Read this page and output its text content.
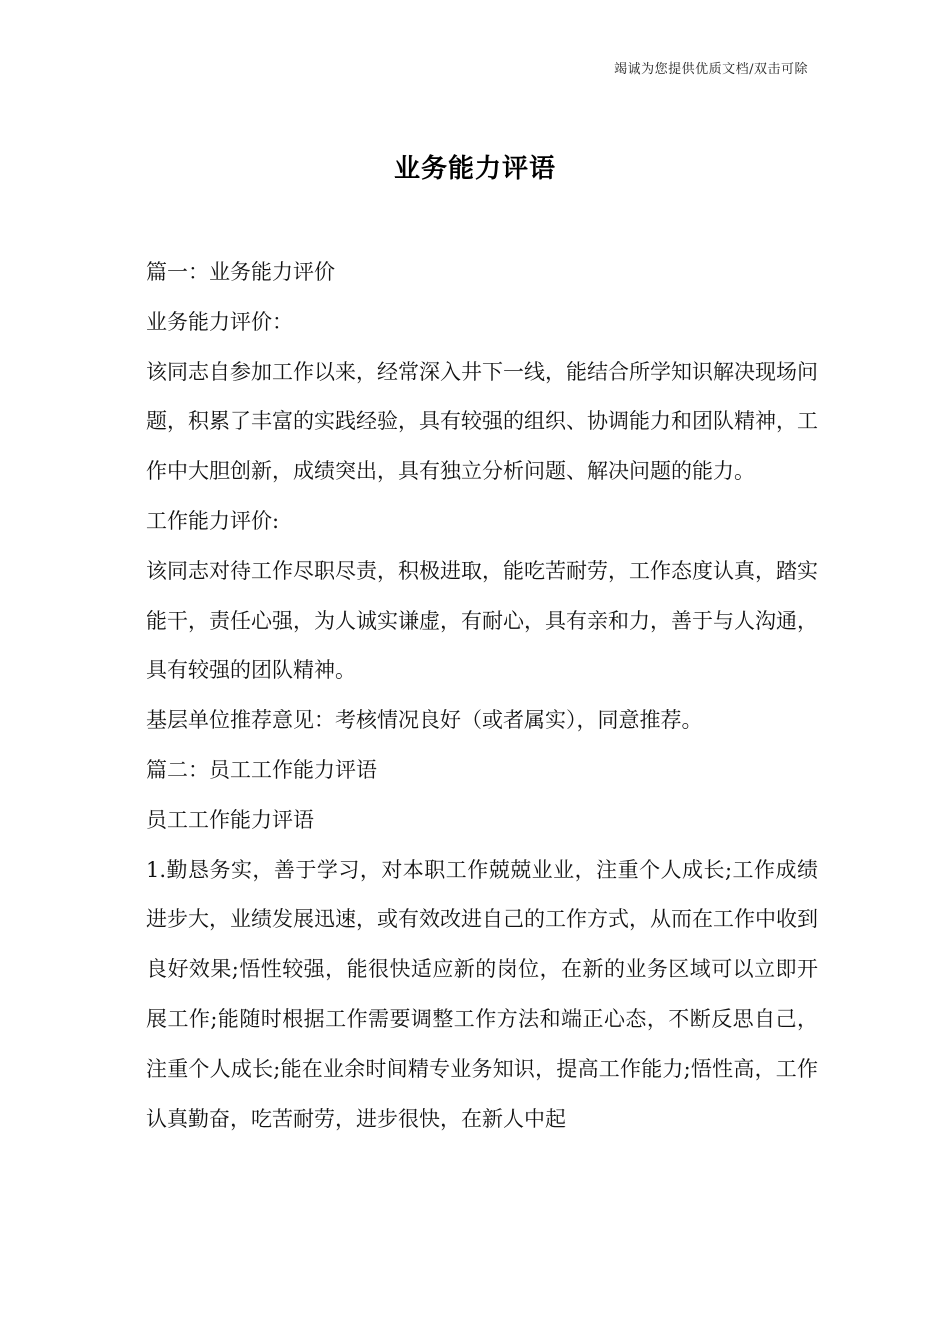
竭诚为您提供优质文档/双击可除
业务能力评语

篇一：业务能力评价

业务能力评价：

该同志自参加工作以来，经常深入井下一线，能结合所学知识解决现场问题，积累了丰富的实践经验，具有较强的组织、协调能力和团队精神，工作中大胆创新，成绩突出，具有独立分析问题、解决问题的能力。

工作能力评价:

该同志对待工作尽职尽责，积极进取，能吃苦耐劳，工作态度认真，踏实能干，责任心强，为人诚实谦虚，有耐心，具有亲和力，善于与人沟通，具有较强的团队精神。

基层单位推荐意见：考核情况良好（或者属实），同意推荐。

篇二：员工工作能力评语

员工工作能力评语

1.勤恳务实，善于学习，对本职工作兢兢业业，注重个人成长;工作成绩进步大，业绩发展迅速，或有效改进自己的工作方式，从而在工作中收到良好效果;悟性较强，能很快适应新的岗位，在新的业务区域可以立即开展工作;能随时根据工作需要调整工作方法和端正心态，不断反思自己，注重个人成长;能在业余时间精专业务知识，提高工作能力;悟性高，工作认真勤奋，吃苦耐劳，进步很快，在新人中起
